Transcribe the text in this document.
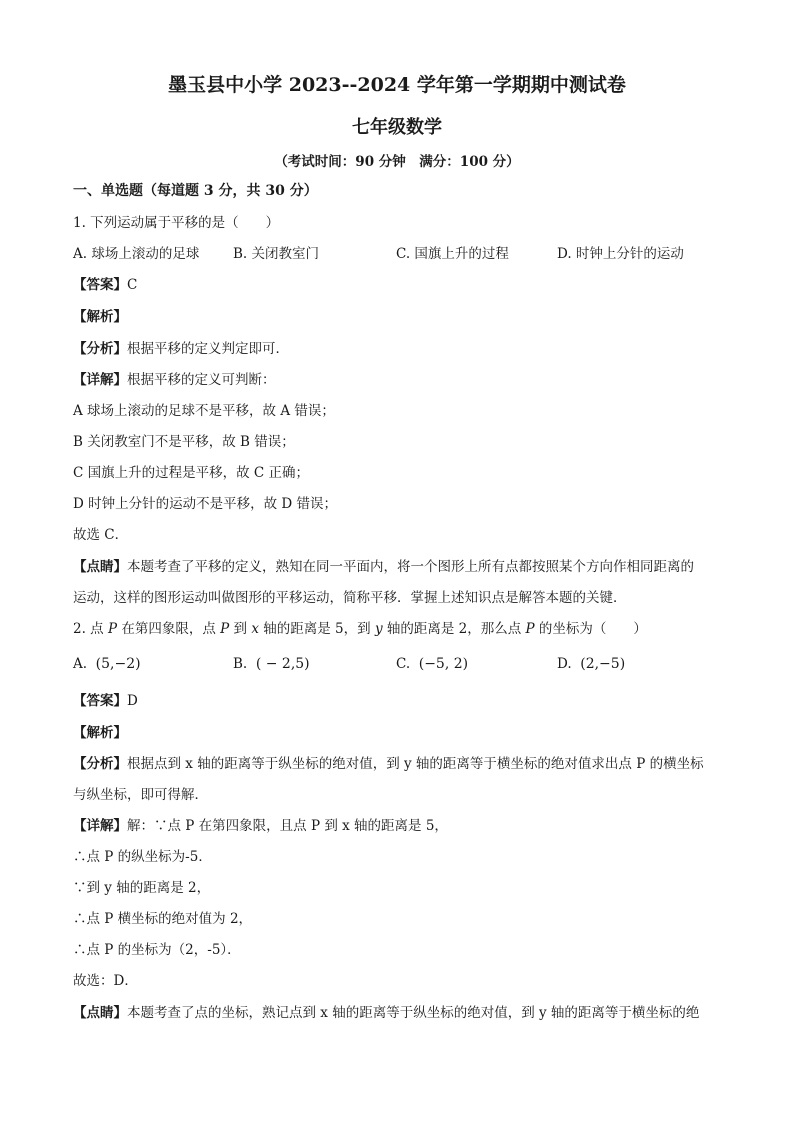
墨玉县中小学 2023--2024 学年第一学期期中测试卷
七年级数学
（考试时间：90 分钟　满分：100 分）
一、单选题（每道题 3 分，共 30 分）
1. 下列运动属于平移的是（　　）
A. 球场上滚动的足球 B. 关闭教室门	C. 国旗上升的过程	D. 时钟上分针的运动
【答案】C
【解析】
【分析】根据平移的定义判定即可．
【详解】根据平移的定义可判断：
A 球场上滚动的足球不是平移，故 A 错误；
B 关闭教室门不是平移，故 B 错误；
C 国旗上升的过程是平移，故 C 正确；
D 时钟上分针的运动不是平移，故 D 错误；
故选 C．
【点睛】本题考查了平移的定义，熟知在同一平面内，将一个图形上所有点都按照某个方向作相同距离的
运动，这样的图形运动叫做图形的平移运动，简称平移．掌握上述知识点是解答本题的关键．
2. 点 P 在第四象限，点 P 到 x 轴的距离是 5，到 y 轴的距离是 2，那么点 P 的坐标为（　　）
A. (5,−2)	B. ( − 2,5)	C. (−5, 2)	D. (2,−5)
【答案】D
【解析】
【分析】根据点到 x 轴的距离等于纵坐标的绝对值，到 y 轴的距离等于横坐标的绝对值求出点 P 的横坐标
与纵坐标，即可得解．
【详解】解：∵点 P 在第四象限，且点 P 到 x 轴的距离是 5，
∴点 P 的纵坐标为-5．
∵到 y 轴的距离是 2，
∴点 P 横坐标的绝对值为 2，
∴点 P 的坐标为（2，-5）．
故选：D．
【点睛】本题考查了点的坐标，熟记点到 x 轴的距离等于纵坐标的绝对值，到 y 轴的距离等于横坐标的绝
